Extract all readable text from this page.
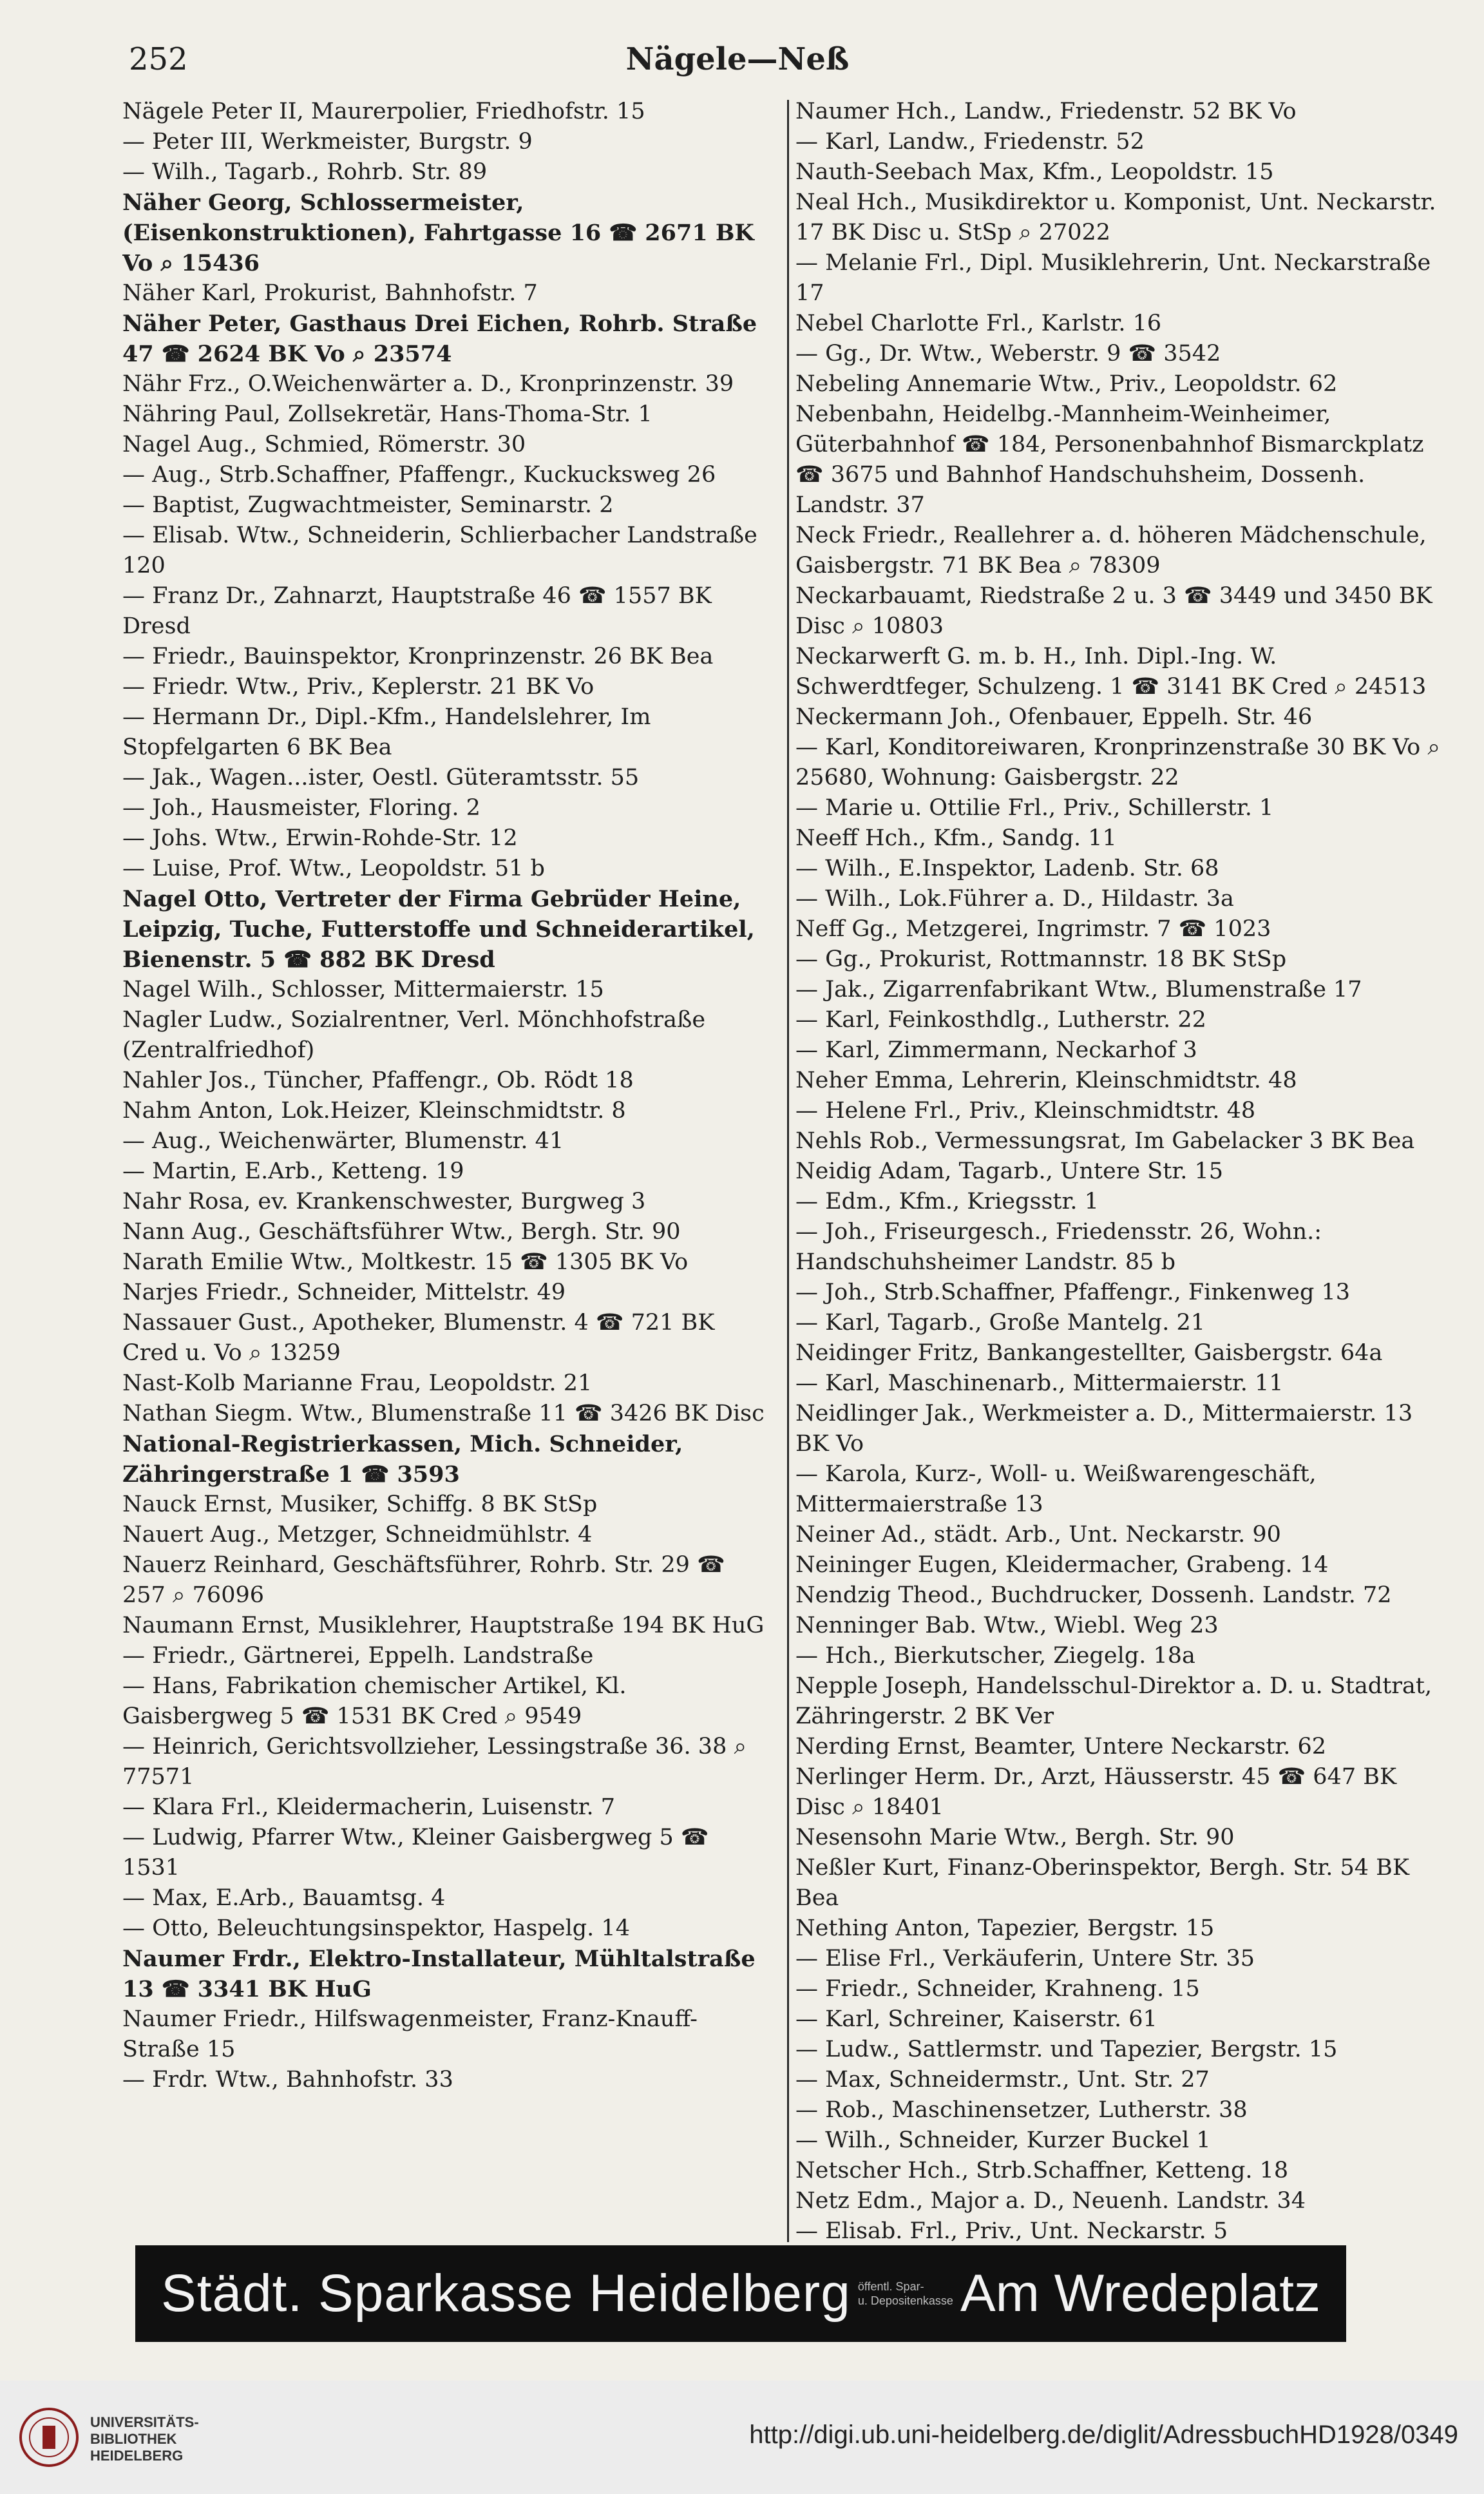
252	Nägele—Neß

Nägele Peter II, Maurerpolier, Friedhofstr. 15

— Peter III, Werkmeister, Burgstr. 9

— Wilh., Tagarb., Rohrb. Str. 89

Näher Georg, Schlossermeister, (Eisenkonstruktionen), Fahrtgasse 16 ☎ 2671 BK Vo ⌕ 15436

Näher Karl, Prokurist, Bahnhofstr. 7

Näher Peter, Gasthaus Drei Eichen, Rohrb. Straße 47 ☎ 2624 BK Vo ⌕ 23574

Nähr Frz., O.Weichenwärter a. D., Kronprinzenstr. 39

Nähring Paul, Zollsekretär, Hans-Thoma-Str. 1

Nagel Aug., Schmied, Römerstr. 30

— Aug., Strb.Schaffner, Pfaffengr., Kuckucksweg 26

— Baptist, Zugwachtmeister, Seminarstr. 2

— Elisab. Wtw., Schneiderin, Schlierbacher Landstraße 120

— Franz Dr., Zahnarzt, Hauptstraße 46 ☎ 1557 BK Dresd

— Friedr., Bauinspektor, Kronprinzenstr. 26 BK Bea

— Friedr. Wtw., Priv., Keplerstr. 21 BK Vo

— Hermann Dr., Dipl.-Kfm., Handelslehrer, Im Stopfelgarten 6 BK Bea

— Jak., Wagen...ister, Oestl. Güteramtsstr. 55

— Joh., Hausmeister, Floring. 2

— Johs. Wtw., Erwin-Rohde-Str. 12

— Luise, Prof. Wtw., Leopoldstr. 51 b

Nagel Otto, Vertreter der Firma Gebrüder Heine, Leipzig, Tuche, Futterstoffe und Schneiderartikel, Bienenstr. 5 ☎ 882 BK Dresd

Nagel Wilh., Schlosser, Mittermaierstr. 15

Nagler Ludw., Sozialrentner, Verl. Mönchhofstraße (Zentralfriedhof)

Nahler Jos., Tüncher, Pfaffengr., Ob. Rödt 18

Nahm Anton, Lok.Heizer, Kleinschmidtstr. 8

— Aug., Weichenwärter, Blumenstr. 41

— Martin, E.Arb., Ketteng. 19

Nahr Rosa, ev. Krankenschwester, Burgweg 3

Nann Aug., Geschäftsführer Wtw., Bergh. Str. 90

Narath Emilie Wtw., Moltkestr. 15 ☎ 1305 BK Vo

Narjes Friedr., Schneider, Mittelstr. 49

Nassauer Gust., Apotheker, Blumenstr. 4 ☎ 721 BK Cred u. Vo ⌕ 13259

Nast-Kolb Marianne Frau, Leopoldstr. 21

Nathan Siegm. Wtw., Blumenstraße 11 ☎ 3426 BK Disc

National-Registrierkassen, Mich. Schneider, Zähringerstraße 1 ☎ 3593

Nauck Ernst, Musiker, Schiffg. 8 BK StSp

Nauert Aug., Metzger, Schneidmühlstr. 4

Nauerz Reinhard, Geschäftsführer, Rohrb. Str. 29 ☎ 257 ⌕ 76096

Naumann Ernst, Musiklehrer, Hauptstraße 194 BK HuG

— Friedr., Gärtnerei, Eppelh. Landstraße

— Hans, Fabrikation chemischer Artikel, Kl. Gaisbergweg 5 ☎ 1531 BK Cred ⌕ 9549

— Heinrich, Gerichtsvollzieher, Lessingstraße 36. 38 ⌕ 77571

— Klara Frl., Kleidermacherin, Luisenstr. 7

— Ludwig, Pfarrer Wtw., Kleiner Gaisbergweg 5 ☎ 1531

— Max, E.Arb., Bauamtsg. 4

— Otto, Beleuchtungsinspektor, Haspelg. 14

Naumer Frdr., Elektro-Installateur, Mühltalstraße 13 ☎ 3341 BK HuG

Naumer Friedr., Hilfswagenmeister, Franz-Knauff-Straße 15

— Frdr. Wtw., Bahnhofstr. 33

Naumer Hch., Landw., Friedenstr. 52 BK Vo

— Karl, Landw., Friedenstr. 52

Nauth-Seebach Max, Kfm., Leopoldstr. 15

Neal Hch., Musikdirektor u. Komponist, Unt. Neckarstr. 17 BK Disc u. StSp ⌕ 27022

— Melanie Frl., Dipl. Musiklehrerin, Unt. Neckarstraße 17

Nebel Charlotte Frl., Karlstr. 16

— Gg., Dr. Wtw., Weberstr. 9 ☎ 3542

Nebeling Annemarie Wtw., Priv., Leopoldstr. 62

Nebenbahn, Heidelbg.-Mannheim-Weinheimer, Güterbahnhof ☎ 184, Personenbahnhof Bismarckplatz ☎ 3675 und Bahnhof Handschuhsheim, Dossenh. Landstr. 37

Neck Friedr., Reallehrer a. d. höheren Mädchenschule, Gaisbergstr. 71 BK Bea ⌕ 78309

Neckarbauamt, Riedstraße 2 u. 3 ☎ 3449 und 3450 BK Disc ⌕ 10803

Neckarwerft G. m. b. H., Inh. Dipl.-Ing. W. Schwerdtfeger, Schulzeng. 1 ☎ 3141 BK Cred ⌕ 24513

Neckermann Joh., Ofenbauer, Eppelh. Str. 46

— Karl, Konditoreiwaren, Kronprinzenstraße 30 BK Vo ⌕ 25680, Wohnung: Gaisbergstr. 22

— Marie u. Ottilie Frl., Priv., Schillerstr. 1

Neeff Hch., Kfm., Sandg. 11

— Wilh., E.Inspektor, Ladenb. Str. 68

— Wilh., Lok.Führer a. D., Hildastr. 3a

Neff Gg., Metzgerei, Ingrimstr. 7 ☎ 1023

— Gg., Prokurist, Rottmannstr. 18 BK StSp

— Jak., Zigarrenfabrikant Wtw., Blumenstraße 17

— Karl, Feinkosthdlg., Lutherstr. 22

— Karl, Zimmermann, Neckarhof 3

Neher Emma, Lehrerin, Kleinschmidtstr. 48

— Helene Frl., Priv., Kleinschmidtstr. 48

Nehls Rob., Vermessungsrat, Im Gabelacker 3 BK Bea

Neidig Adam, Tagarb., Untere Str. 15

— Edm., Kfm., Kriegsstr. 1

— Joh., Friseurgesch., Friedensstr. 26, Wohn.: Handschuhsheimer Landstr. 85 b

— Joh., Strb.Schaffner, Pfaffengr., Finkenweg 13

— Karl, Tagarb., Große Mantelg. 21

Neidinger Fritz, Bankangestellter, Gaisbergstr. 64a

— Karl, Maschinenarb., Mittermaierstr. 11

Neidlinger Jak., Werkmeister a. D., Mittermaierstr. 13 BK Vo

— Karola, Kurz-, Woll- u. Weißwarengeschäft, Mittermaierstraße 13

Neiner Ad., städt. Arb., Unt. Neckarstr. 90

Neininger Eugen, Kleidermacher, Grabeng. 14

Nendzig Theod., Buchdrucker, Dossenh. Landstr. 72

Nenninger Bab. Wtw., Wiebl. Weg 23

— Hch., Bierkutscher, Ziegelg. 18a

Nepple Joseph, Handelsschul-Direktor a. D. u. Stadtrat, Zähringerstr. 2 BK Ver

Nerding Ernst, Beamter, Untere Neckarstr. 62

Nerlinger Herm. Dr., Arzt, Häusserstr. 45 ☎ 647 BK Disc ⌕ 18401

Nesensohn Marie Wtw., Bergh. Str. 90

Neßler Kurt, Finanz-Oberinspektor, Bergh. Str. 54 BK Bea

Nething Anton, Tapezier, Bergstr. 15

— Elise Frl., Verkäuferin, Untere Str. 35

— Friedr., Schneider, Krahneng. 15

— Karl, Schreiner, Kaiserstr. 61

— Ludw., Sattlermstr. und Tapezier, Bergstr. 15

— Max, Schneidermstr., Unt. Str. 27

— Rob., Maschinensetzer, Lutherstr. 38

— Wilh., Schneider, Kurzer Buckel 1

Netscher Hch., Strb.Schaffner, Ketteng. 18

Netz Edm., Major a. D., Neuenh. Landstr. 34

— Elisab. Frl., Priv., Unt. Neckarstr. 5

Städt. Sparkasse Heidelberg öffentl. Spar-
u. Depositenkasse Am Wredeplatz
UNIVERSITÄTS-
BIBLIOTHEK
HEIDELBERG
http://digi.ub.uni-heidelberg.de/diglit/AdressbuchHD1928/0349
